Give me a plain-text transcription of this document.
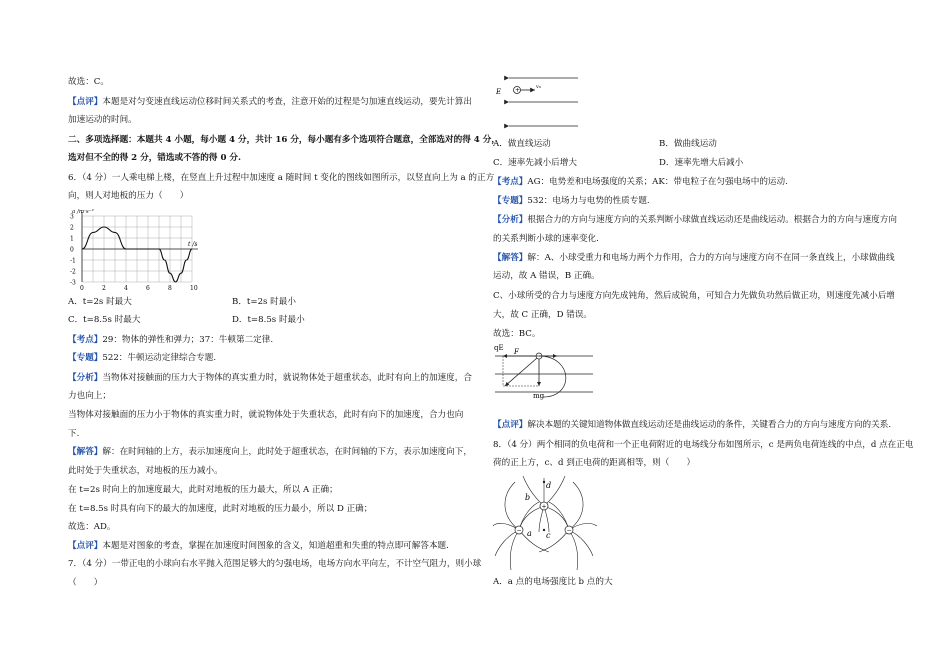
故选：C。
【点评】本题是对匀变速直线运动位移时间关系式的考查，注意开始的过程是匀加速直线运动，要先计算出
加速运动的时间。
二、多项选择题：本题共 4 小题，每小题 4 分，共计 16 分，每小题有多个选项符合题意，全部选对的得 4 分，
选对但不全的得 2 分，错选或不答的得 0 分.
6．（4 分）一人乘电梯上楼，在竖直上升过程中加速度 a 随时间 t 变化的图线如图所示，以竖直向上为 a 的正方
向，则人对地板的压力（　　）
3
2
1
0
-1
-2
-3
0	2	4	6	8	10
a /m·s⁻²
t /s
A．t=2s 时最大	B．t=2s 时最小
C．t=8.5s 时最大	D．t=8.5s 时最小
【考点】29：物体的弹性和弹力；37：牛顿第二定律.
【专题】522：牛顿运动定律综合专题.
【分析】当物体对接触面的压力大于物体的真实重力时，就说物体处于超重状态，此时有向上的加速度，合
力也向上；
当物体对接触面的压力小于物体的真实重力时，就说物体处于失重状态，此时有向下的加速度，合力也向
下.
【解答】解：在时间轴的上方，表示加速度向上，此时处于超重状态，在时间轴的下方，表示加速度向下，
此时处于失重状态，对地板的压力减小。
在 t=2s 时向上的加速度最大，此时对地板的压力最大，所以 A 正确；
在 t=8.5s 时具有向下的最大的加速度，此时对地板的压力最小，所以 D 正确；
故选：AD。
【点评】本题是对图象的考查，掌握在加速度时间图象的含义，知道超重和失重的特点即可解答本题.
7．（4 分）一带正电的小球向右水平抛入范围足够大的匀强电场，电场方向水平向左，不计空气阻力，则小球
（　　）
+
E
v₀
A．做直线运动	B．做曲线运动
C．速率先减小后增大	D．速率先增大后减小
【考点】AG：电势差和电场强度的关系；AK：带电粒子在匀强电场中的运动.
【专题】532：电场力与电势的性质专题.
【分析】根据合力的方向与速度方向的关系判断小球做直线运动还是曲线运动。根据合力的方向与速度方向
的关系判断小球的速率变化.
【解答】解：A、小球受重力和电场力两个力作用，合力的方向与速度方向不在同一条直线上，小球做曲线
运动，故 A 错误，B 正确。
C、小球所受的合力与速度方向先成钝角，然后成锐角，可知合力先做负功然后做正功，则速度先减小后增
大，故 C 正确，D 错误。
故选：BC。
qE F
mg
【点评】解决本题的关键知道物体做直线运动还是曲线运动的条件，关键看合力的方向与速度方向的关系.
8．（4 分）两个相同的负电荷和一个正电荷附近的电场线分布如图所示，c 是两负电荷连线的中点，d 点在正电
荷的正上方，c、d 到正电荷的距离相等，则（　　）
−	−
+
a
b
c
d
A．a 点的电场强度比 b 点的大
